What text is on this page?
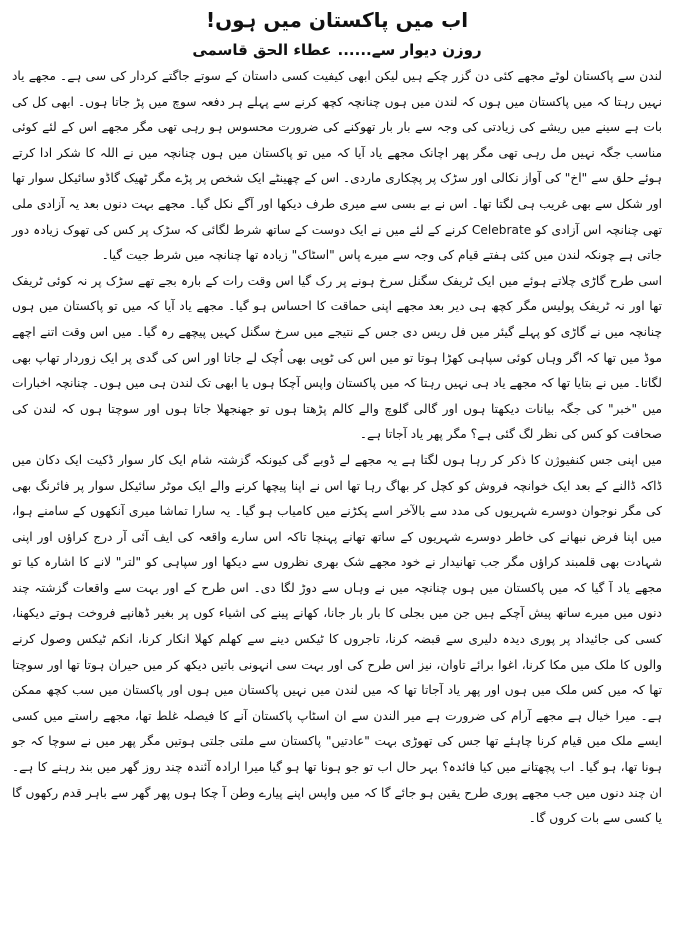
اب میں پاکستان میں ہوں!
روزن دیوار سے......عطاء الحق قاسمی

لندن سے پاکستان لوٹے مجھے کئی دن گزر چکے ہیں لیکن ابھی کیفیت کسی داستان کے سوتے جاگتے کردار کی سی ہے۔ مجھے یاد نہیں رہتا کہ میں پاکستان میں ہوں کہ لندن میں ہوں چنانچہ کچھ کرنے سے پہلے ہر دفعہ سوچ میں پڑ جاتا ہوں۔ ابھی کل کی بات ہے سینے میں ریشے کی زیادتی کی وجہ سے بار بار تھوکنے کی ضرورت محسوس ہو رہی تھی مگر مجھے اس کے لئے کوئی مناسب جگہ نہیں مل رہی تھی مگر پھر اچانک مجھے یاد آیا کہ میں تو پاکستان میں ہوں چنانچہ میں نے اللہ کا شکر ادا کرتے ہوئے حلق سے "اخ" کی آواز نکالی اور سڑک پر پچکاری ماردی۔ اس کے چھینٹے ایک شخص پر پڑے مگر ٹھیک گاڈو سائیکل سوار تھا اور شکل سے بھی غریب ہی لگتا تھا۔ اس نے بے بسی سے میری طرف دیکھا اور آگے نکل گیا۔ مجھے بہت دنوں بعد یہ آزادی ملی تھی چنانچہ اس آزادی کو Celebrate کرنے کے لئے میں نے ایک دوست کے ساتھ شرط لگائی کہ سڑک پر کس کی تھوک زیادہ دور جاتی ہے چونکہ لندن میں کئی ہفتے قیام کی وجہ سے میرے پاس "اسٹاک" زیادہ تھا چنانچہ میں شرط جیت گیا۔

اسی طرح گاڑی چلاتے ہوئے میں ایک ٹریفک سگنل سرخ ہونے پر رک گیا اس وقت رات کے بارہ بجے تھے سڑک پر نہ کوئی ٹریفک تھا اور نہ ٹریفک پولیس مگر کچھ ہی دیر بعد مجھے اپنی حماقت کا احساس ہو گیا۔ مجھے یاد آیا کہ میں تو پاکستان میں ہوں چنانچہ میں نے گاڑی کو پہلے گیئر میں فل ریس دی جس کے نتیجے میں سرخ سگنل کہیں پیچھے رہ گیا۔ میں اس وقت اتنے اچھے موڈ میں تھا کہ اگر وہاں کوئی سپاہی کھڑا ہوتا تو میں اس کی ٹوپی بھی اُچک لے جاتا اور اس کی گدی پر ایک زوردار تھاپ بھی لگاتا۔ میں نے بتایا تھا کہ مجھے یاد ہی نہیں رہتا کہ میں پاکستان واپس آچکا ہوں یا ابھی تک لندن ہی میں ہوں۔ چنانچہ اخبارات میں "خبر" کی جگہ بیانات دیکھتا ہوں اور گالی گلوچ والے کالم پڑھتا ہوں تو جھنجھلا جاتا ہوں اور سوچتا ہوں کہ لندن کی صحافت کو کس کی نظر لگ گئی ہے؟ مگر پھر یاد آجاتا ہے۔

میں اپنی جس کنفیوژن کا ذکر کر رہا ہوں لگتا ہے یہ مجھے لے ڈوبے گی کیونکہ گزشتہ شام ایک کار سوار ڈکیت ایک دکان میں ڈاکہ ڈالنے کے بعد ایک خوانچہ فروش کو کچل کر بھاگ رہا تھا اس نے اپنا پیچھا کرنے والے ایک موٹر سائیکل سوار پر فائرنگ بھی کی مگر نوجوان دوسرے شہریوں کی مدد سے بالآخر اسے پکڑنے میں کامیاب ہو گیا۔ یہ سارا تماشا میری آنکھوں کے سامنے ہوا، میں اپنا فرض نبھانے کی خاطر دوسرے شہریوں کے ساتھ تھانے پہنچا تاکہ اس سارے واقعہ کی ایف آئی آر درج کراؤں اور اپنی شہادت بھی قلمبند کراؤں مگر جب تھانیدار نے خود مجھے شک بھری نظروں سے دیکھا اور سپاہی کو "لتر" لانے کا اشارہ کیا تو مجھے یاد آ گیا کہ میں پاکستان میں ہوں چنانچہ میں نے وہاں سے دوڑ لگا دی۔ اس طرح کے اور بہت سے واقعات گزشتہ چند دنوں میں میرے ساتھ پیش آچکے ہیں جن میں بجلی کا بار بار جانا، کھانے پینے کی اشیاء کوں پر بغیر ڈھانپے فروخت ہوتے دیکھنا، کسی کی جائیداد پر پوری دیدہ دلیری سے قبضہ کرنا، تاجروں کا ٹیکس دینے سے کھلم کھلا انکار کرنا، انکم ٹیکس وصول کرنے والوں کا ملک میں مکا کرنا، اغوا برائے تاوان، نیز اس طرح کی اور بہت سی انہونی باتیں دیکھ کر میں حیران ہوتا تھا اور سوچتا تھا کہ میں کس ملک میں ہوں اور پھر یاد آجاتا تھا کہ میں لندن میں نہیں پاکستان میں ہوں اور پاکستان میں سب کچھ ممکن ہے۔ میرا خیال ہے مجھے آرام کی ضرورت ہے میر الندن سے ان اسٹاپ پاکستان آنے کا فیصلہ غلط تھا، مجھے راستے میں کسی ایسے ملک میں قیام کرنا چاہئے تھا جس کی تھوڑی بہت "عادتیں" پاکستان سے ملتی جلتی ہوتیں مگر پھر میں نے سوچا کہ جو ہونا تھا، ہو گیا۔ اب پچھتانے میں کیا فائدہ؟ بہر حال اب تو جو ہونا تھا ہو گیا میرا ارادہ آئندہ چند روز گھر میں بند رہنے کا ہے۔ ان چند دنوں میں جب مجھے پوری طرح یقین ہو جائے گا کہ میں واپس اپنے پیارے وطن آ چکا ہوں پھر گھر سے باہر قدم رکھوں گا یا کسی سے بات کروں گا۔
